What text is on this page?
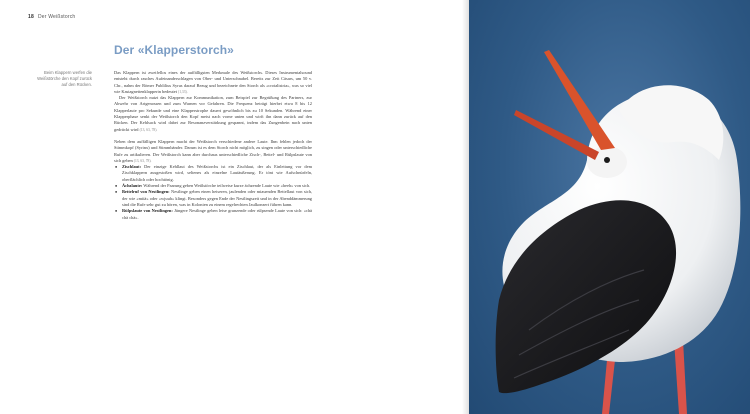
18 Der Weißstorch
Der «Klapperstorch»
Beim Klappern werfen die Weißstörche den Kopf zurück auf den Rücken.

Das Klappern ist zweifellos eines der auffälligsten Merkmale des Weißstorchs. Dieses Instrumentalsound entsteht durch rasches Aufeinanderschlagen von Ober- und Unterschnabel. Bereits zur Zeit Cäsars, um 50 v. Chr., nahm der Römer Publilius Syrus darauf Bezug und bezeichnete den Storch als «crotalistria», was so viel wie Kastagnettenklapperin bedeutet (1,33).

Der Weißstorch nutzt das Klappern zur Kommunikation, zum Beispiel zur Begrüßung des Partners, zur Abwehr von Artgenossen und zum Warnen vor Gefahren. Die Frequenz beträgt hierbei etwa 8 bis 12 Klapperlaute pro Sekunde und eine Klapperstrophe dauert gewöhnlich bis zu 10 Sekunden. Während einer Klapperphase senkt der Weißstorch den Kopf meist nach vorne unten und wirft ihn dann zurück auf den Rücken. Der Kehlsack wird dabei zur Resonanzverstärkung gespannt, indem das Zungenbein nach unten gedrückt wird (13, 63, 78).

Neben dem auffälligen Klappern macht der Weißstorch verschiedene andere Laute. Ihm fehlen jedoch der Stimmkopf (Syrinx) und Stimmbänder. Darum ist es dem Storch nicht möglich, zu singen oder unterschiedliche Rufe zu artikulieren. Der Weißstorch kann aber durchaus unterschiedliche Zisch-, Bettel- und Rülpslaute von sich geben (13, 63, 78).

■ Zischlaut: Der einzige Kehllaut des Weißstorchs ist ein Zischlaut, der als Einleitung vor dem Zischklappern ausgestoßen wird, seltenes als einzelne Lautäußerung. Er tönt wie Aufschnürfeln, oberflächlich oder hochtönig.
■ Ächzlaute: Während der Paarung geben Weißstörche teilweise kurze ächzende Laute wie «heeh» von sich.
■ Bettelruf von Nestlingen: Nestlinge geben einen heiseren, jaulenden oder miauenden Bettellaut von sich, der wie «miiä» oder «wjuuh» klingt. Besonders gegen Ende der Nestlingszeit und in der Abenddämmerung sind die Rufe sehr gut zu hören, was in Kolonien zu einem regelrechten Jaulkonzert führen kann.
■ Rülpslaute von Nestlingen: Jüngere Nestlinge geben leise grunzende oder rülpsende Laute von sich: «chä chä chä».
